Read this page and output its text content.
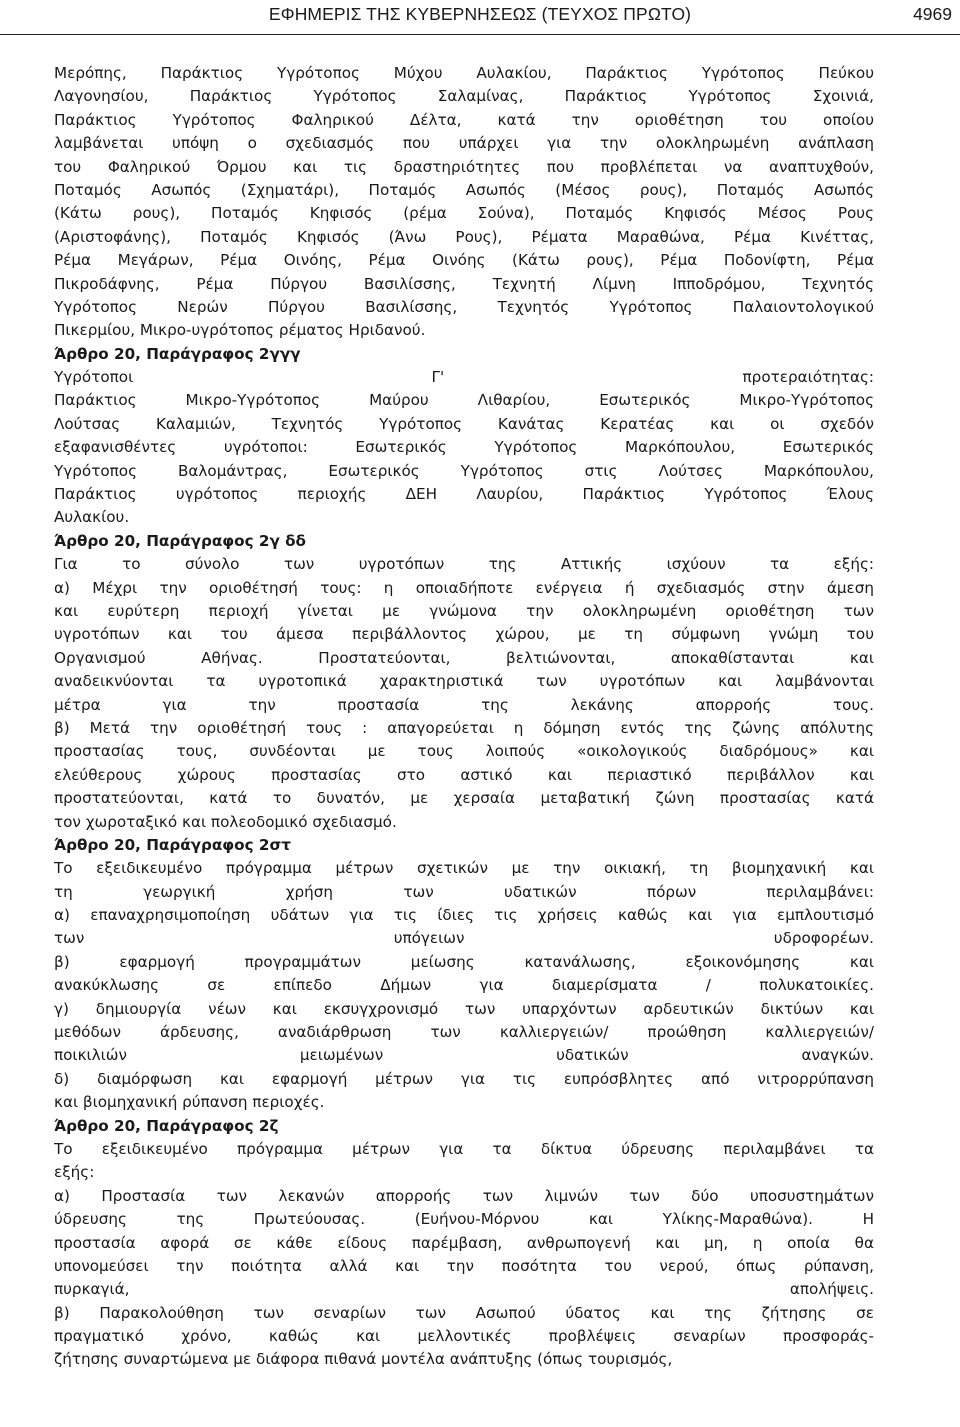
ΕΦΗΜΕΡΙΣ ΤΗΣ ΚΥΒΕΡΝΗΣΕΩΣ (ΤΕΥΧΟΣ ΠΡΩΤΟ)	4969
Μερόπης, Παράκτιος Υγρότοπος Μύχου Αυλακίου, Παράκτιος Υγρότοπος Πεύκου
Λαγονησίου, Παράκτιος Υγρότοπος Σαλαμίνας, Παράκτιος Υγρότοπος Σχοινιά,
Παράκτιος Υγρότοπος Φαληρικού Δέλτα, κατά την οριοθέτηση του οποίου
λαμβάνεται υπόψη ο σχεδιασμός που υπάρχει για την ολοκληρωμένη ανάπλαση
του Φαληρικού Όρμου και τις δραστηριότητες που προβλέπεται να αναπτυχθούν,
Ποταμός Ασωπός (Σχηματάρι), Ποταμός Ασωπός (Μέσος ρους), Ποταμός Ασωπός
(Κάτω ρους), Ποταμός Κηφισός (ρέμα Σούνα), Ποταμός Κηφισός Μέσος Ρους
(Αριστοφάνης), Ποταμός Κηφισός (Άνω Ρους), Ρέματα Μαραθώνα, Ρέμα Κινέττας,
Ρέμα Μεγάρων, Ρέμα Οινόης, Ρέμα Οινόης (Κάτω ρους), Ρέμα Ποδονίφτη, Ρέμα
Πικροδάφνης, Ρέμα Πύργου Βασιλίσσης, Τεχνητή Λίμνη Ιπποδρόμου, Τεχνητός
Υγρότοπος Νερών Πύργου Βασιλίσσης, Τεχνητός Υγρότοπος Παλαιοντολογικού
Πικερμίου, Μικρο-υγρότοπος ρέματος Ηριδανού.
Άρθρο 20, Παράγραφος 2γγγ
Υγρότοποι Γ' προτεραιότητας:
Παράκτιος Μικρο-Υγρότοπος Μαύρου Λιθαρίου, Εσωτερικός Μικρο-Υγρότοπος
Λούτσας Καλαμιών, Τεχνητός Υγρότοπος Κανάτας Κερατέας και οι σχεδόν
εξαφανισθέντες υγρότοποι: Εσωτερικός Υγρότοπος Μαρκόπουλου, Εσωτερικός
Υγρότοπος Βαλομάντρας, Εσωτερικός Υγρότοπος στις Λούτσες Μαρκόπουλου,
Παράκτιος υγρότοπος περιοχής ΔΕΗ Λαυρίου, Παράκτιος Υγρότοπος Έλους
Αυλακίου.
Άρθρο 20, Παράγραφος 2γ δδ
Για το σύνολο των υγροτόπων της Αττικής ισχύουν τα εξής:
α) Μέχρι την οριοθέτησή τους: η οποιαδήποτε ενέργεια ή σχεδιασμός στην άμεση
και ευρύτερη περιοχή γίνεται με γνώμονα την ολοκληρωμένη οριοθέτηση των
υγροτόπων και του άμεσα περιβάλλοντος χώρου, με τη σύμφωνη γνώμη του
Οργανισμού Αθήνας. Προστατεύονται, βελτιώνονται, αποκαθίστανται και
αναδεικνύονται τα υγροτοπικά χαρακτηριστικά των υγροτόπων και λαμβάνονται
μέτρα για την προστασία της λεκάνης απορροής τους.
β) Μετά την οριοθέτησή τους : απαγορεύεται η δόμηση εντός της ζώνης απόλυτης
προστασίας τους, συνδέονται με τους λοιπούς «οικολογικούς διαδρόμους» και
ελεύθερους χώρους προστασίας στο αστικό και περιαστικό περιβάλλον και
προστατεύονται, κατά το δυνατόν, με χερσαία μεταβατική ζώνη προστασίας κατά
τον χωροταξικό και πολεοδομικό σχεδιασμό.
Άρθρο 20, Παράγραφος 2στ
Το εξειδικευμένο πρόγραμμα μέτρων σχετικών με την οικιακή, τη βιομηχανική και
τη γεωργική χρήση των υδατικών πόρων περιλαμβάνει:
α) επαναχρησιμοποίηση υδάτων για τις ίδιες τις χρήσεις καθώς και για εμπλουτισμό
των υπόγειων υδροφορέων.
β) εφαρμογή προγραμμάτων μείωσης κατανάλωσης, εξοικονόμησης και
ανακύκλωσης σε επίπεδο Δήμων για διαμερίσματα / πολυκατοικίες.
γ) δημιουργία νέων και εκσυγχρονισμό των υπαρχόντων αρδευτικών δικτύων και
μεθόδων άρδευσης, αναδιάρθρωση των καλλιεργειών/ προώθηση καλλιεργειών/
ποικιλιών μειωμένων υδατικών αναγκών.
δ) διαμόρφωση και εφαρμογή μέτρων για τις ευπρόσβλητες από νιτρορρύπανση
και βιομηχανική ρύπανση περιοχές.
Άρθρο 20, Παράγραφος 2ζ
Το εξειδικευμένο πρόγραμμα μέτρων για τα δίκτυα ύδρευσης περιλαμβάνει τα
εξής:
α) Προστασία των λεκανών απορροής των λιμνών των δύο υποσυστημάτων
ύδρευσης της Πρωτεύουσας. (Ευήνου-Μόρνου και Υλίκης-Μαραθώνα). Η
προστασία αφορά σε κάθε είδους παρέμβαση, ανθρωπογενή και μη, η οποία θα
υπονομεύσει την ποιότητα αλλά και την ποσότητα του νερού, όπως ρύπανση,
πυρκαγιά, απολήψεις.
β) Παρακολούθηση των σεναρίων των Ασωπού ύδατος και της ζήτησης σε
πραγματικό χρόνο, καθώς και μελλοντικές προβλέψεις σεναρίων προσφοράς-
ζήτησης συναρτώμενα με διάφορα πιθανά μοντέλα ανάπτυξης (όπως τουρισμός,
